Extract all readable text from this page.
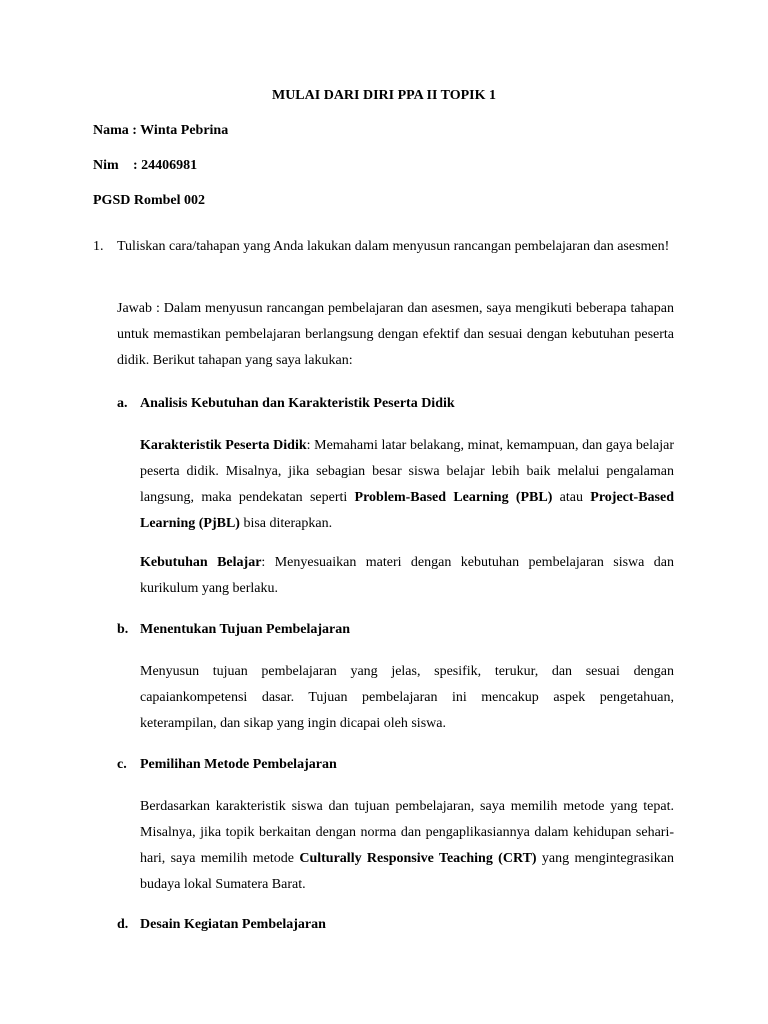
MULAI DARI DIRI PPA II TOPIK 1
Nama : Winta Pebrina
Nim : 24406981
PGSD Rombel 002
1. Tuliskan cara/tahapan yang Anda lakukan dalam menyusun rancangan pembelajaran dan asesmen!
Jawab : Dalam menyusun rancangan pembelajaran dan asesmen, saya mengikuti beberapa tahapan untuk memastikan pembelajaran berlangsung dengan efektif dan sesuai dengan kebutuhan peserta didik. Berikut tahapan yang saya lakukan:
a. Analisis Kebutuhan dan Karakteristik Peserta Didik
Karakteristik Peserta Didik: Memahami latar belakang, minat, kemampuan, dan gaya belajar peserta didik. Misalnya, jika sebagian besar siswa belajar lebih baik melalui pengalaman langsung, maka pendekatan seperti Problem-Based Learning (PBL) atau Project-Based Learning (PjBL) bisa diterapkan.
Kebutuhan Belajar: Menyesuaikan materi dengan kebutuhan pembelajaran siswa dan kurikulum yang berlaku.
b. Menentukan Tujuan Pembelajaran
Menyusun tujuan pembelajaran yang jelas, spesifik, terukur, dan sesuai dengan capaiankompetensi dasar. Tujuan pembelajaran ini mencakup aspek pengetahuan, keterampilan, dan sikap yang ingin dicapai oleh siswa.
c. Pemilihan Metode Pembelajaran
Berdasarkan karakteristik siswa dan tujuan pembelajaran, saya memilih metode yang tepat. Misalnya, jika topik berkaitan dengan norma dan pengaplikasiannya dalam kehidupan sehari-hari, saya memilih metode Culturally Responsive Teaching (CRT) yang mengintegrasikan budaya lokal Sumatera Barat.
d. Desain Kegiatan Pembelajaran
